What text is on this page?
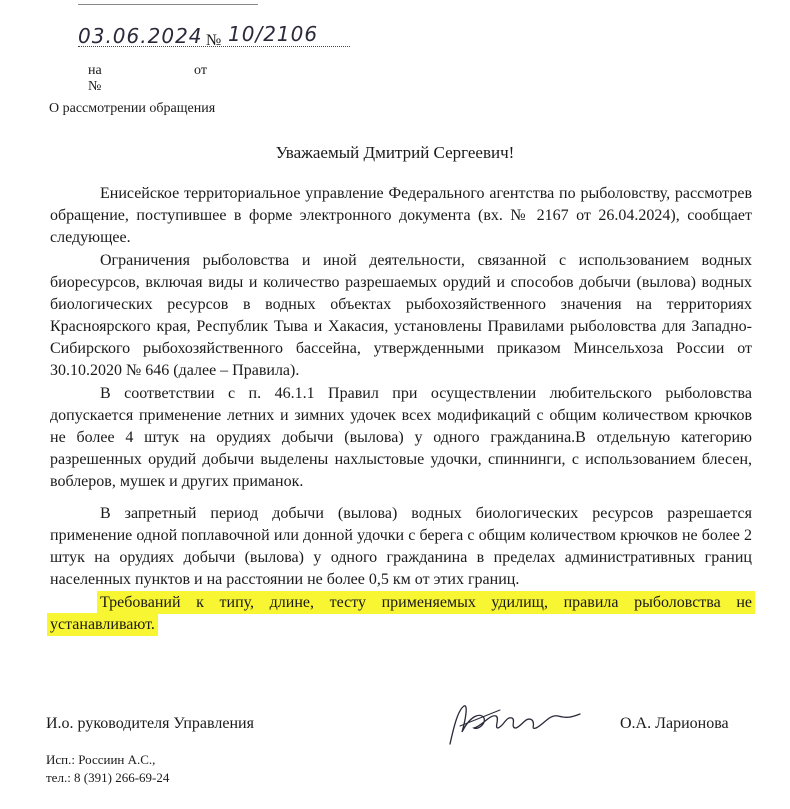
03.06.2024 № 10/2106
на №
от
О рассмотрении обращения
Уважаемый Дмитрий Сергеевич!

Енисейское территориальное управление Федерального агентства по рыболовству, рассмотрев обращение, поступившее в форме электронного документа (вх. № 2167 от 26.04.2024), сообщает следующее.

Ограничения рыболовства и иной деятельности, связанной с использованием водных биоресурсов, включая виды и количество разрешаемых орудий и способов добычи (вылова) водных биологических ресурсов в водных объектах рыбохозяйственного значения на территориях Красноярского края, Республик Тыва и Хакасия, установлены Правилами рыболовства для Западно-Сибирского рыбохозяйственного бассейна, утвержденными приказом Минсельхоза России от 30.10.2020 № 646 (далее – Правила).

В соответствии с п. 46.1.1 Правил при осуществлении любительского рыболовства допускается применение летних и зимних удочек всех модификаций с общим количеством крючков не более 4 штук на орудиях добычи (вылова) у одного гражданина.В отдельную категорию разрешенных орудий добычи выделены нахлыстовые удочки, спиннинги, с использованием блесен, воблеров, мушек и других приманок.

В запретный период добычи (вылова) водных биологических ресурсов разрешается применение одной поплавочной или донной удочки с берега с общим количеством крючков не более 2 штук на орудиях добычи (вылова) у одного гражданина в пределах административных границ населенных пунктов и на расстоянии не более 0,5 км от этих границ.

Требований к типу, длине, тесту применяемых удилищ, правила рыболовства не устанавливают.

И.о. руководителя Управления	О.А. Ларионова
Исп.: Россиин А.С.,
тел.: 8 (391) 266-69-24
